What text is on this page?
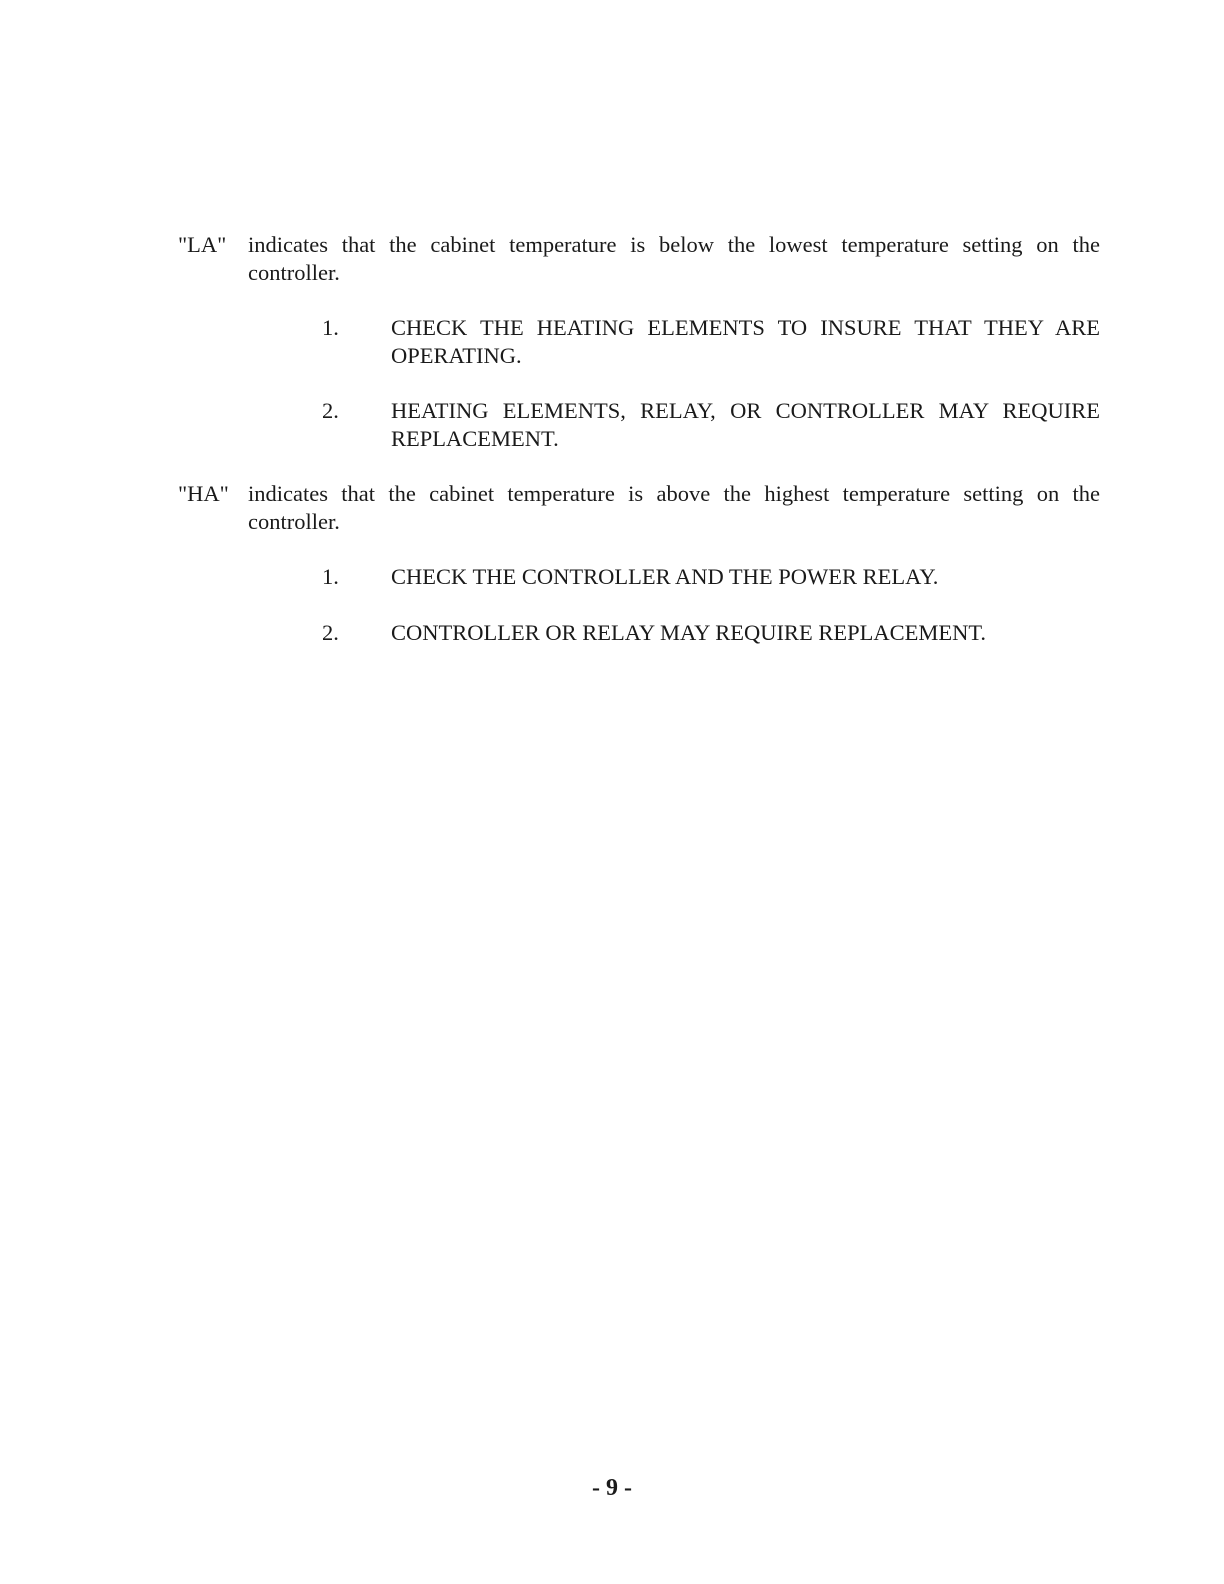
"LA" indicates that the cabinet temperature is below the lowest temperature setting on the controller.
1. CHECK THE HEATING ELEMENTS TO INSURE THAT THEY ARE OPERATING.
2. HEATING ELEMENTS, RELAY, OR CONTROLLER MAY REQUIRE REPLACEMENT.
"HA" indicates that the cabinet temperature is above the highest temperature setting on the controller.
1. CHECK THE CONTROLLER AND THE POWER RELAY.
2. CONTROLLER OR RELAY MAY REQUIRE REPLACEMENT.
- 9 -
